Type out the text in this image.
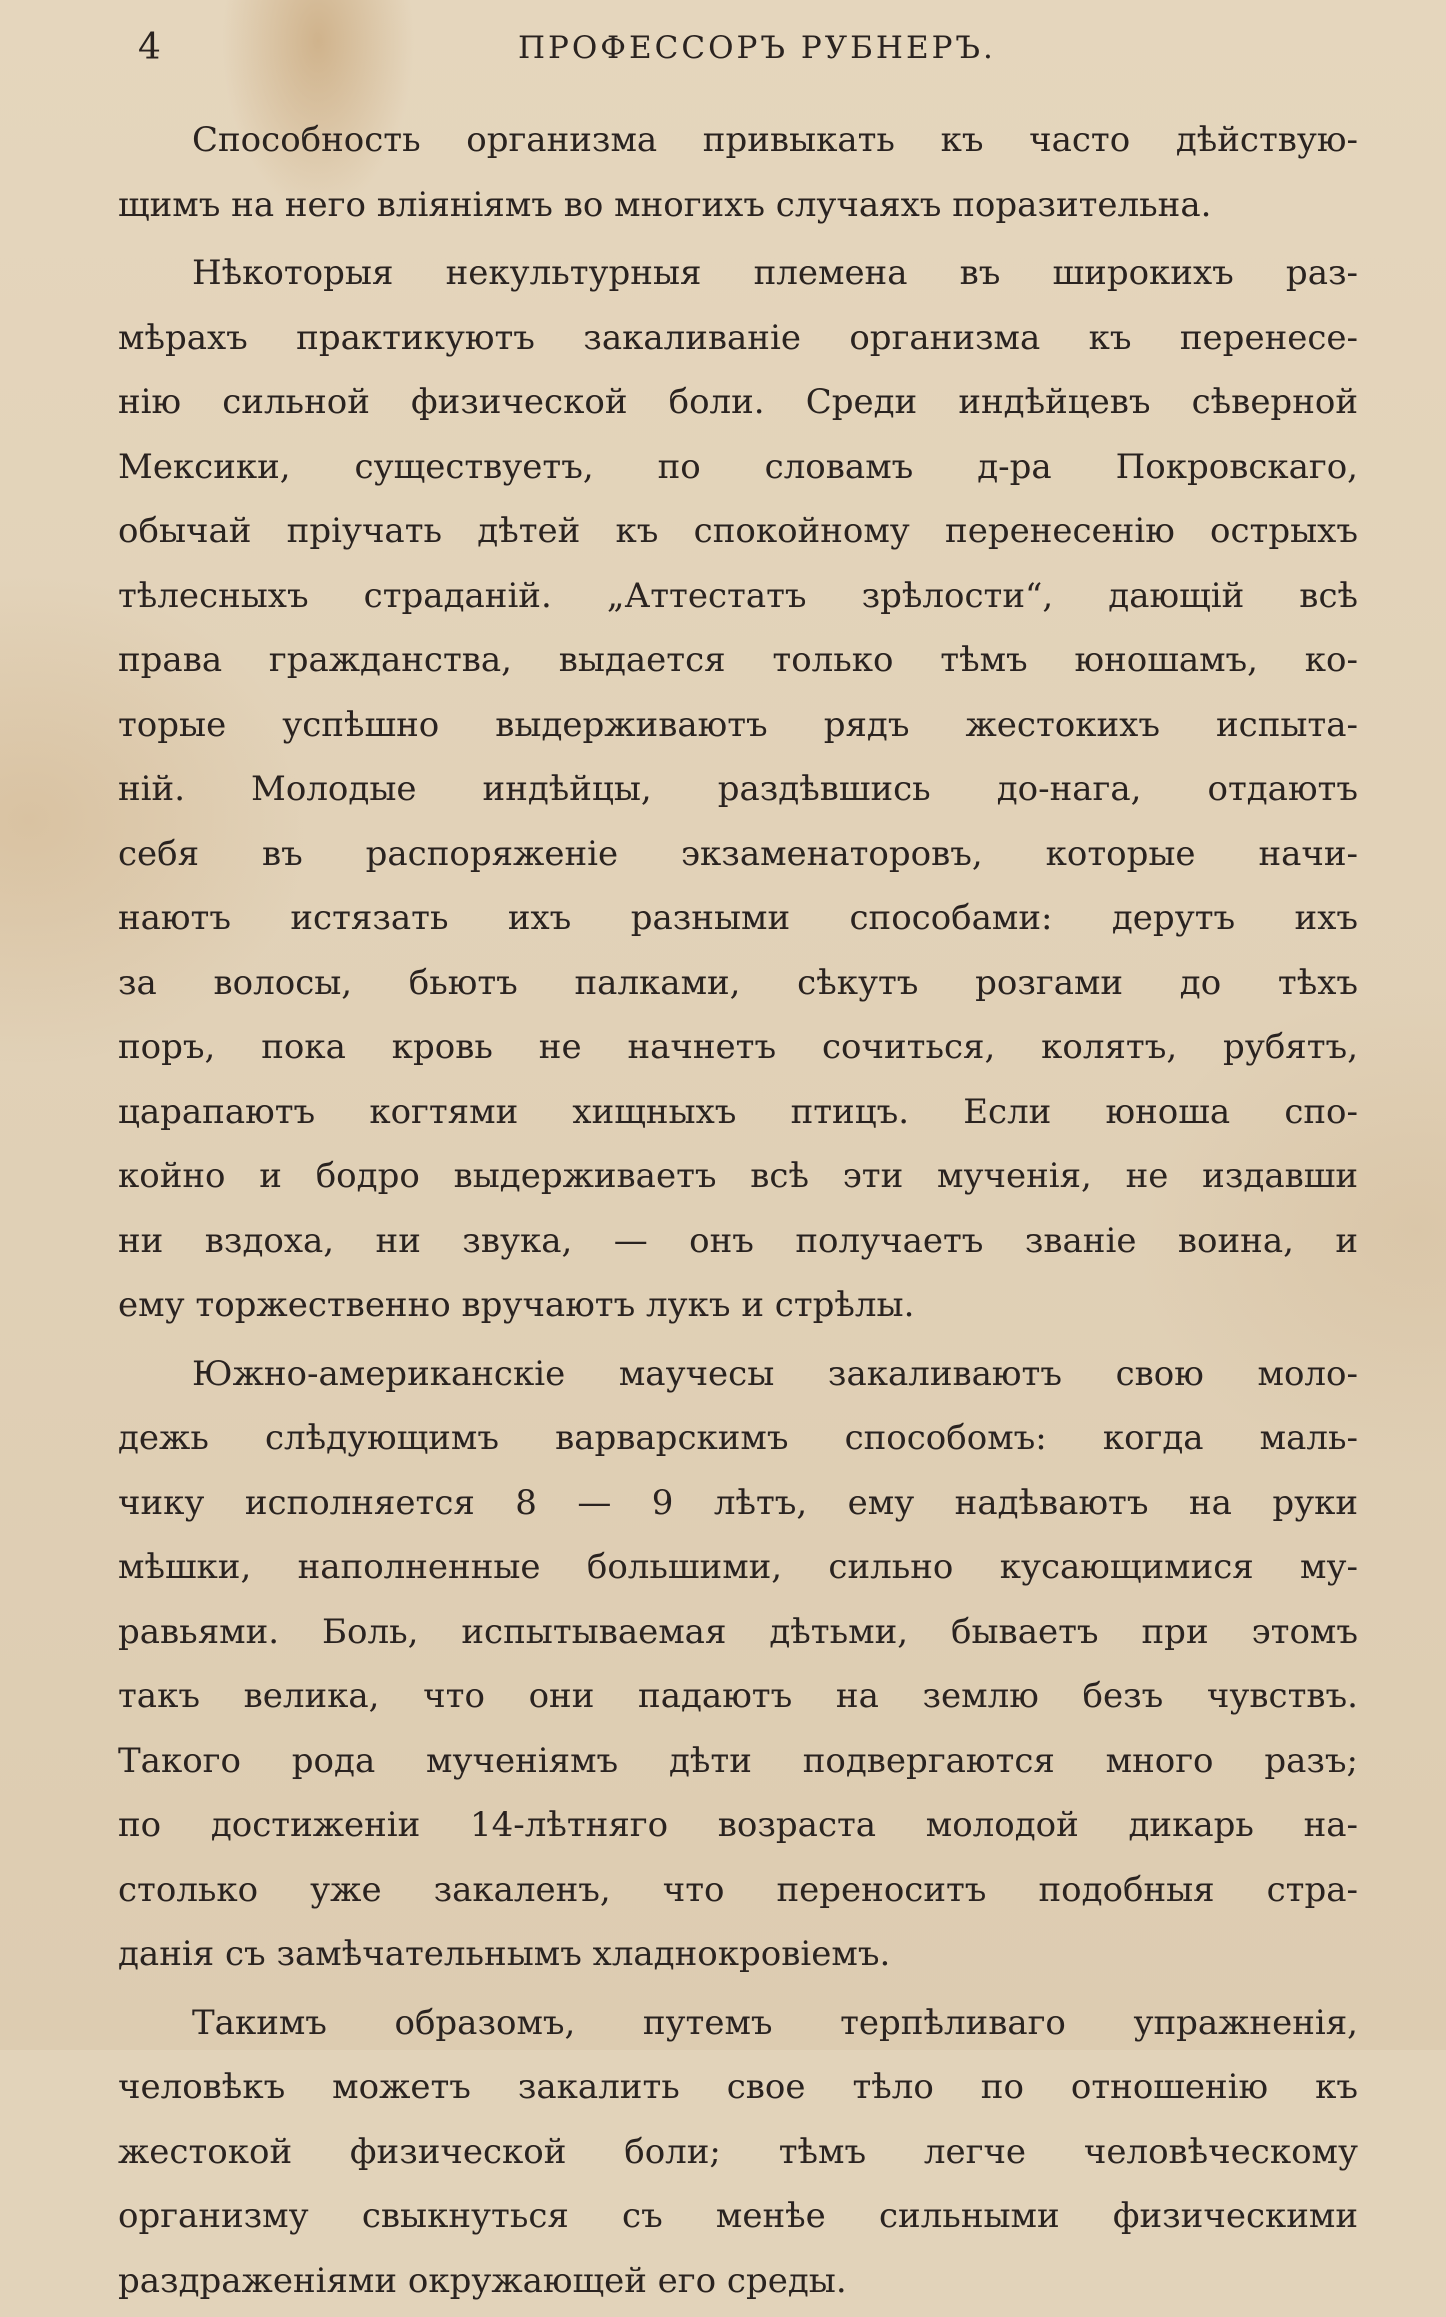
4	ПРОФЕССОРЪ РУБНЕРЪ.

Способность организма привыкать къ часто дѣйствую-
щимъ на него вліяніямъ во многихъ случаяхъ поразительна.

Нѣкоторыя некультурныя племена въ широкихъ раз-
мѣрахъ практикуютъ закаливаніе организма къ перенесе-
нію сильной физической боли. Среди индѣйцевъ сѣверной
Мексики, существуетъ, по словамъ д-ра Покровскаго,
обычай пріучать дѣтей къ спокойному перенесенію острыхъ
тѣлесныхъ страданій. „Аттестатъ зрѣлости“, дающій всѣ
права гражданства, выдается только тѣмъ юношамъ, ко-
торые успѣшно выдерживаютъ рядъ жестокихъ испыта-
ній. Молодые индѣйцы, раздѣвшись до-нага, отдаютъ
себя въ распоряженіе экзаменаторовъ, которые начи-
наютъ истязать ихъ разными способами: дерутъ ихъ
за волосы, бьютъ палками, сѣкутъ розгами до тѣхъ
поръ, пока кровь не начнетъ сочиться, колятъ, рубятъ,
царапаютъ когтями хищныхъ птицъ. Если юноша спо-
койно и бодро выдерживаетъ всѣ эти мученія, не издавши
ни вздоха, ни звука, — онъ получаетъ званіе воина, и
ему торжественно вручаютъ лукъ и стрѣлы.

Южно-американскіе маучесы закаливаютъ свою моло-
дежь слѣдующимъ варварскимъ способомъ: когда маль-
чику исполняется 8 — 9 лѣтъ, ему надѣваютъ на руки
мѣшки, наполненные большими, сильно кусающимися му-
равьями. Боль, испытываемая дѣтьми, бываетъ при этомъ
такъ велика, что они падаютъ на землю безъ чувствъ.
Такого рода мученіямъ дѣти подвергаются много разъ;
по достиженіи 14-лѣтняго возраста молодой дикарь на-
столько уже закаленъ, что переноситъ подобныя стра-
данія съ замѣчательнымъ хладнокровіемъ.

Такимъ образомъ, путемъ терпѣливаго упражненія,
человѣкъ можетъ закалить свое тѣло по отношенію къ
жестокой физической боли; тѣмъ легче человѣческому
организму свыкнуться съ менѣе сильными физическими
раздраженіями окружающей его среды.
